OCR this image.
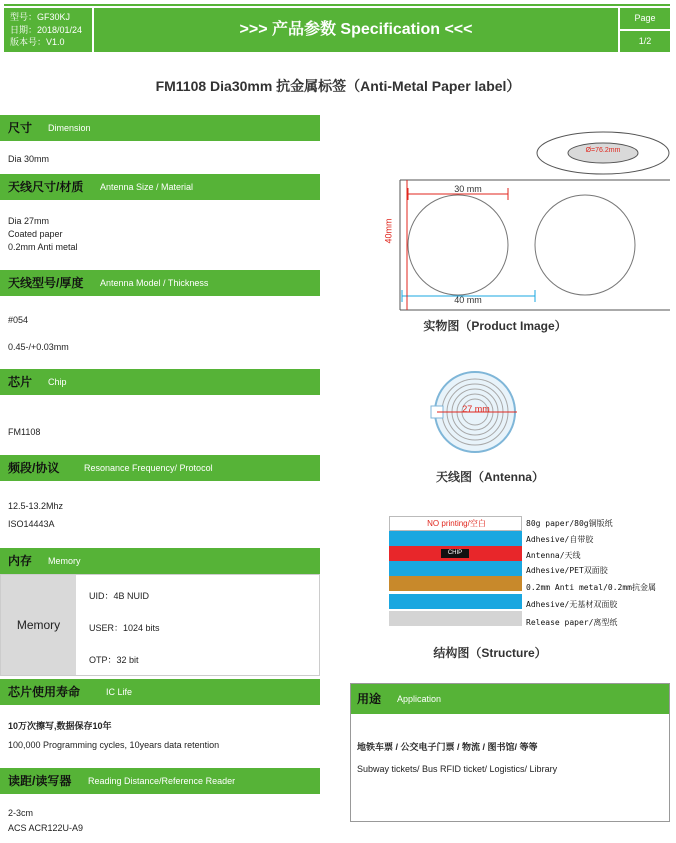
型号：GF30KJ
日期：2018/01/24
版本号：V1.0
>>> 产品参数 Specification <<<
Page
1/2
FM1108 Dia30mm 抗金属标签（Anti-Metal Paper label）
尺寸 Dimension
Dia 30mm
天线尺寸/材质 Antenna Size / Material
Dia 27mm
Coated paper
0.2mm Anti metal
天线型号/厚度 Antenna Model / Thickness
#054
0.45-/+0.03mm
芯片 Chip
FM1108
频段/协议	Resonance Frequency/ Protocol
12.5-13.2Mhz
ISO14443A
内存 Memory
Memory
UID：4B NUID
USER：1024 bits
OTP：32 bit
芯片使用寿命	IC Life
10万次擦写,数据保存10年
100,000 Programming cycles, 10years data retention
读距/读写器 Reading Distance/Reference Reader
2-3cm
ACS ACR122U-A9
30 mm
40 mm
40mm
Ø=76.2mm
实物图（Product Image）
27 mm
天线图（Antenna）
NO printing/空白	80g paper/80g铜版纸
Adhesive/自带胶
CHIP	Antenna/天线
Adhesive/PET双面胶
0.2mm Anti metal/0.2mm抗金属
Adhesive/无基材双面胶
Release paper/离型纸
结构图（Structure）
用途 Application
地铁车票 / 公交电子门票 / 物流 / 图书馆/ 等等
Subway tickets/ Bus RFID ticket/ Logistics/ Library
